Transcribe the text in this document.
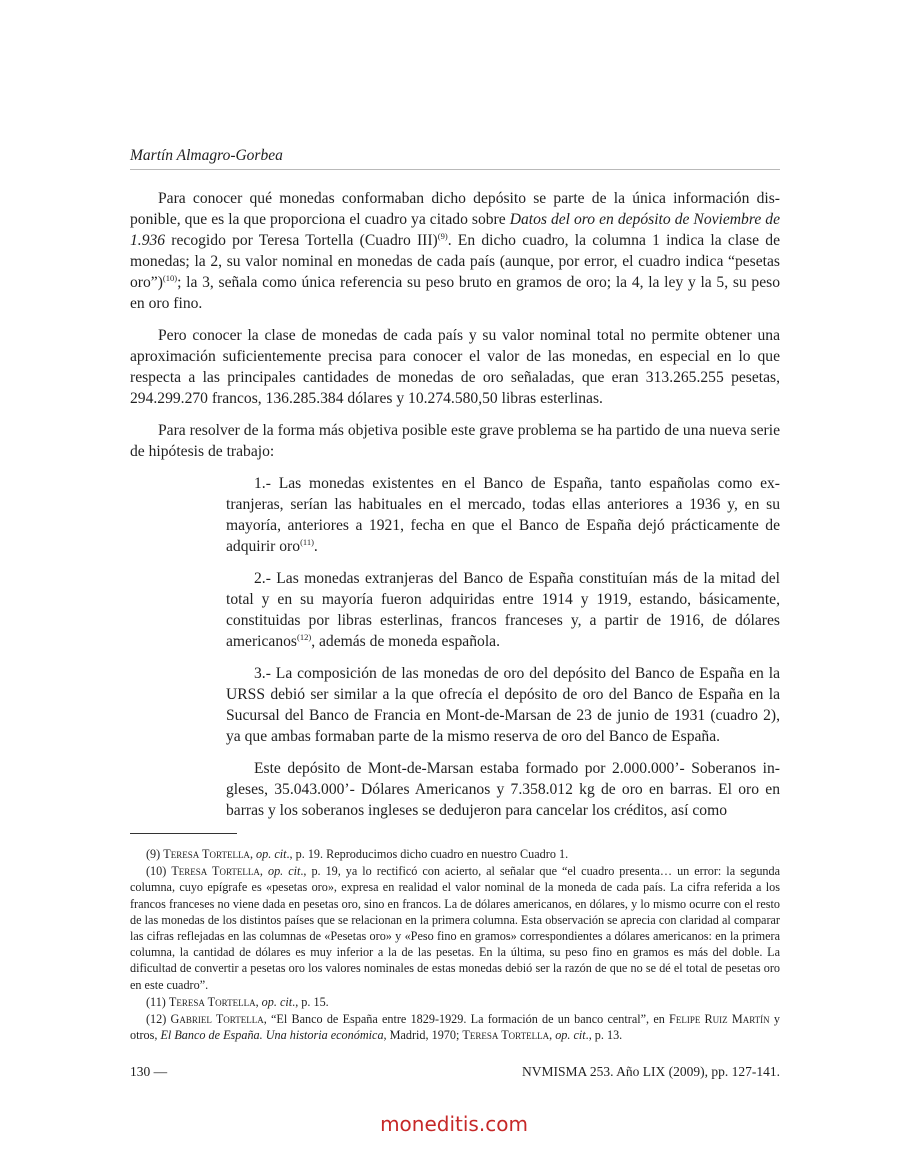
Martín Almagro-Gorbea

Para conocer qué monedas conformaban dicho depósito se parte de la única información disponible, que es la que proporciona el cuadro ya citado sobre Datos del oro en depósito de Noviembre de 1.936 recogido por Teresa Tortella (Cuadro III)$^{(9)}$. En dicho cuadro, la columna 1 indica la clase de monedas; la 2, su valor nominal en monedas de cada país (aunque, por error, el cuadro indica “pesetas oro”)$^{(10)}$; la 3, señala como única referencia su peso bruto en gramos de oro; la 4, la ley y la 5, su peso en oro fino.

Pero conocer la clase de monedas de cada país y su valor nominal total no permite obtener una aproximación suficientemente precisa para conocer el valor de las monedas, en especial en lo que respecta a las principales cantidades de monedas de oro señaladas, que eran 313.265.255 pesetas, 294.299.270 francos, 136.285.384 dólares y 10.274.580,50 libras esterlinas.

Para resolver de la forma más objetiva posible este grave problema se ha partido de una nueva serie de hipótesis de trabajo:

1.- Las monedas existentes en el Banco de España, tanto españolas como extranjeras, serían las habituales en el mercado, todas ellas anteriores a 1936 y, en su mayoría, anteriores a 1921, fecha en que el Banco de España dejó prácticamente de adquirir oro$^{(11)}$.

2.- Las monedas extranjeras del Banco de España constituían más de la mitad del total y en su mayoría fueron adquiridas entre 1914 y 1919, estando, básicamente, constituidas por libras esterlinas, francos franceses y, a partir de 1916, de dólares americanos$^{(12)}$, además de moneda española.

3.- La composición de las monedas de oro del depósito del Banco de España en la URSS debió ser similar a la que ofrecía el depósito de oro del Banco de España en la Sucursal del Banco de Francia en Mont-de-Marsan de 23 de junio de 1931 (cuadro 2), ya que ambas formaban parte de la mismo reserva de oro del Banco de España.

Este depósito de Mont-de-Marsan estaba formado por 2.000.000’- Soberanos ingleses, 35.043.000’- Dólares Americanos y 7.358.012 kg de oro en barras. El oro en barras y los soberanos ingleses se dedujeron para cancelar los créditos, así como

(9) Teresa Tortella, op. cit., p. 19. Reproducimos dicho cuadro en nuestro Cuadro 1.

(10) Teresa Tortella, op. cit., p. 19, ya lo rectificó con acierto, al señalar que “el cuadro presenta… un error: la segunda columna, cuyo epígrafe es «pesetas oro», expresa en realidad el valor nominal de la moneda de cada país. La cifra referida a los francos franceses no viene dada en pesetas oro, sino en francos. La de dólares americanos, en dólares, y lo mismo ocurre con el resto de las monedas de los distintos países que se relacionan en la primera columna. Esta observación se aprecia con claridad al comparar las cifras reflejadas en las columnas de «Pesetas oro» y «Peso fino en gramos» correspondientes a dólares americanos: en la primera columna, la cantidad de dólares es muy inferior a la de las pesetas. En la última, su peso fino en gramos es más del doble. La dificultad de convertir a pesetas oro los valores nominales de estas monedas debió ser la razón de que no se dé el total de pesetas oro en este cuadro”.

(11) Teresa Tortella, op. cit., p. 15.

(12) Gabriel Tortella, “El Banco de España entre 1829-1929. La formación de un banco central”, en Felipe Ruiz Martín y otros, El Banco de España. Una historia económica, Madrid, 1970; Teresa Tortella, op. cit., p. 13.

130 —	NVMISMA 253. Año LIX (2009), pp. 127-141.
moneditis.com
